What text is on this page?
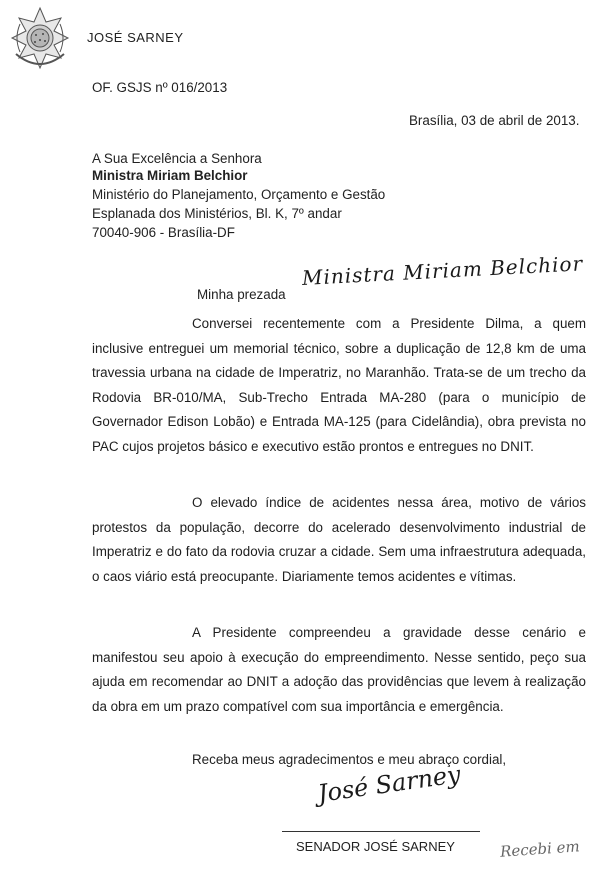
JOSÉ SARNEY
OF. GSJS nº 016/2013
Brasília, 03 de abril de 2013.
A Sua Excelência a Senhora
Ministra Miriam Belchior
Ministério do Planejamento, Orçamento e Gestão
Esplanada dos Ministérios, Bl. K, 7º andar
70040-906 - Brasília-DF
Minha prezada
Ministra Miriam Belchior

Conversei recentemente com a Presidente Dilma, a quem inclusive entreguei um memorial técnico, sobre a duplicação de 12,8 km de uma travessia urbana na cidade de Imperatriz, no Maranhão. Trata-se de um trecho da Rodovia BR-010/MA, Sub-Trecho Entrada MA-280 (para o município de Governador Edison Lobão) e Entrada MA-125 (para Cidelândia), obra prevista no PAC cujos projetos básico e executivo estão prontos e entregues no DNIT.

O elevado índice de acidentes nessa área, motivo de vários protestos da população, decorre do acelerado desenvolvimento industrial de Imperatriz e do fato da rodovia cruzar a cidade. Sem uma infraestrutura adequada, o caos viário está preocupante. Diariamente temos acidentes e vítimas.

A Presidente compreendeu a gravidade desse cenário e manifestou seu apoio à execução do empreendimento. Nesse sentido, peço sua ajuda em recomendar ao DNIT a adoção das providências que levem à realização da obra em um prazo compatível com sua importância e emergência.

Receba meus agradecimentos e meu abraço cordial,
José Sarney
SENADOR JOSÉ SARNEY	Recebi em
